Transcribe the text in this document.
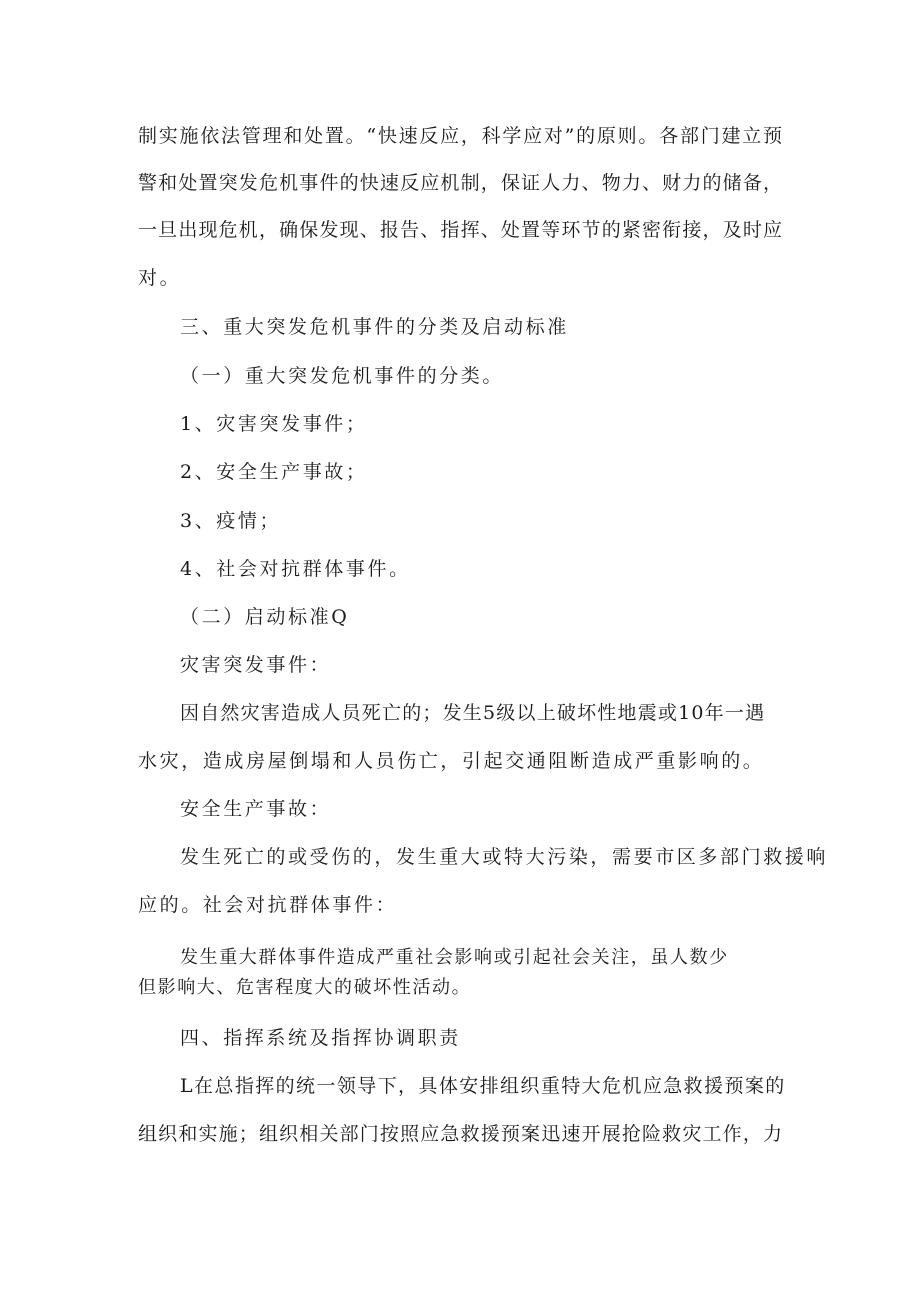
制实施依法管理和处置。“快速反应，科学应对”的原则。各部门建立预
警和处置突发危机事件的快速反应机制，保证人力、物力、财力的储备，
一旦出现危机，确保发现、报告、指挥、处置等环节的紧密衔接，及时应
对。
三、重大突发危机事件的分类及启动标准
（一）重大突发危机事件的分类。
1、灾害突发事件；
2、安全生产事故；
3、疫情；
4、社会对抗群体事件。
（二）启动标准Q
灾害突发事件：
因自然灾害造成人员死亡的；发生5级以上破坏性地震或10年一遇
水灾，造成房屋倒塌和人员伤亡，引起交通阻断造成严重影响的。
安全生产事故：
发生死亡的或受伤的，发生重大或特大污染，需要市区多部门救援响
应的。社会对抗群体事件：
发生重大群体事件造成严重社会影响或引起社会关注，虽人数少
但影响大、危害程度大的破坏性活动。
四、指挥系统及指挥协调职责
L在总指挥的统一领导下，具体安排组织重特大危机应急救援预案的
组织和实施；组织相关部门按照应急救援预案迅速开展抢险救灾工作，力
